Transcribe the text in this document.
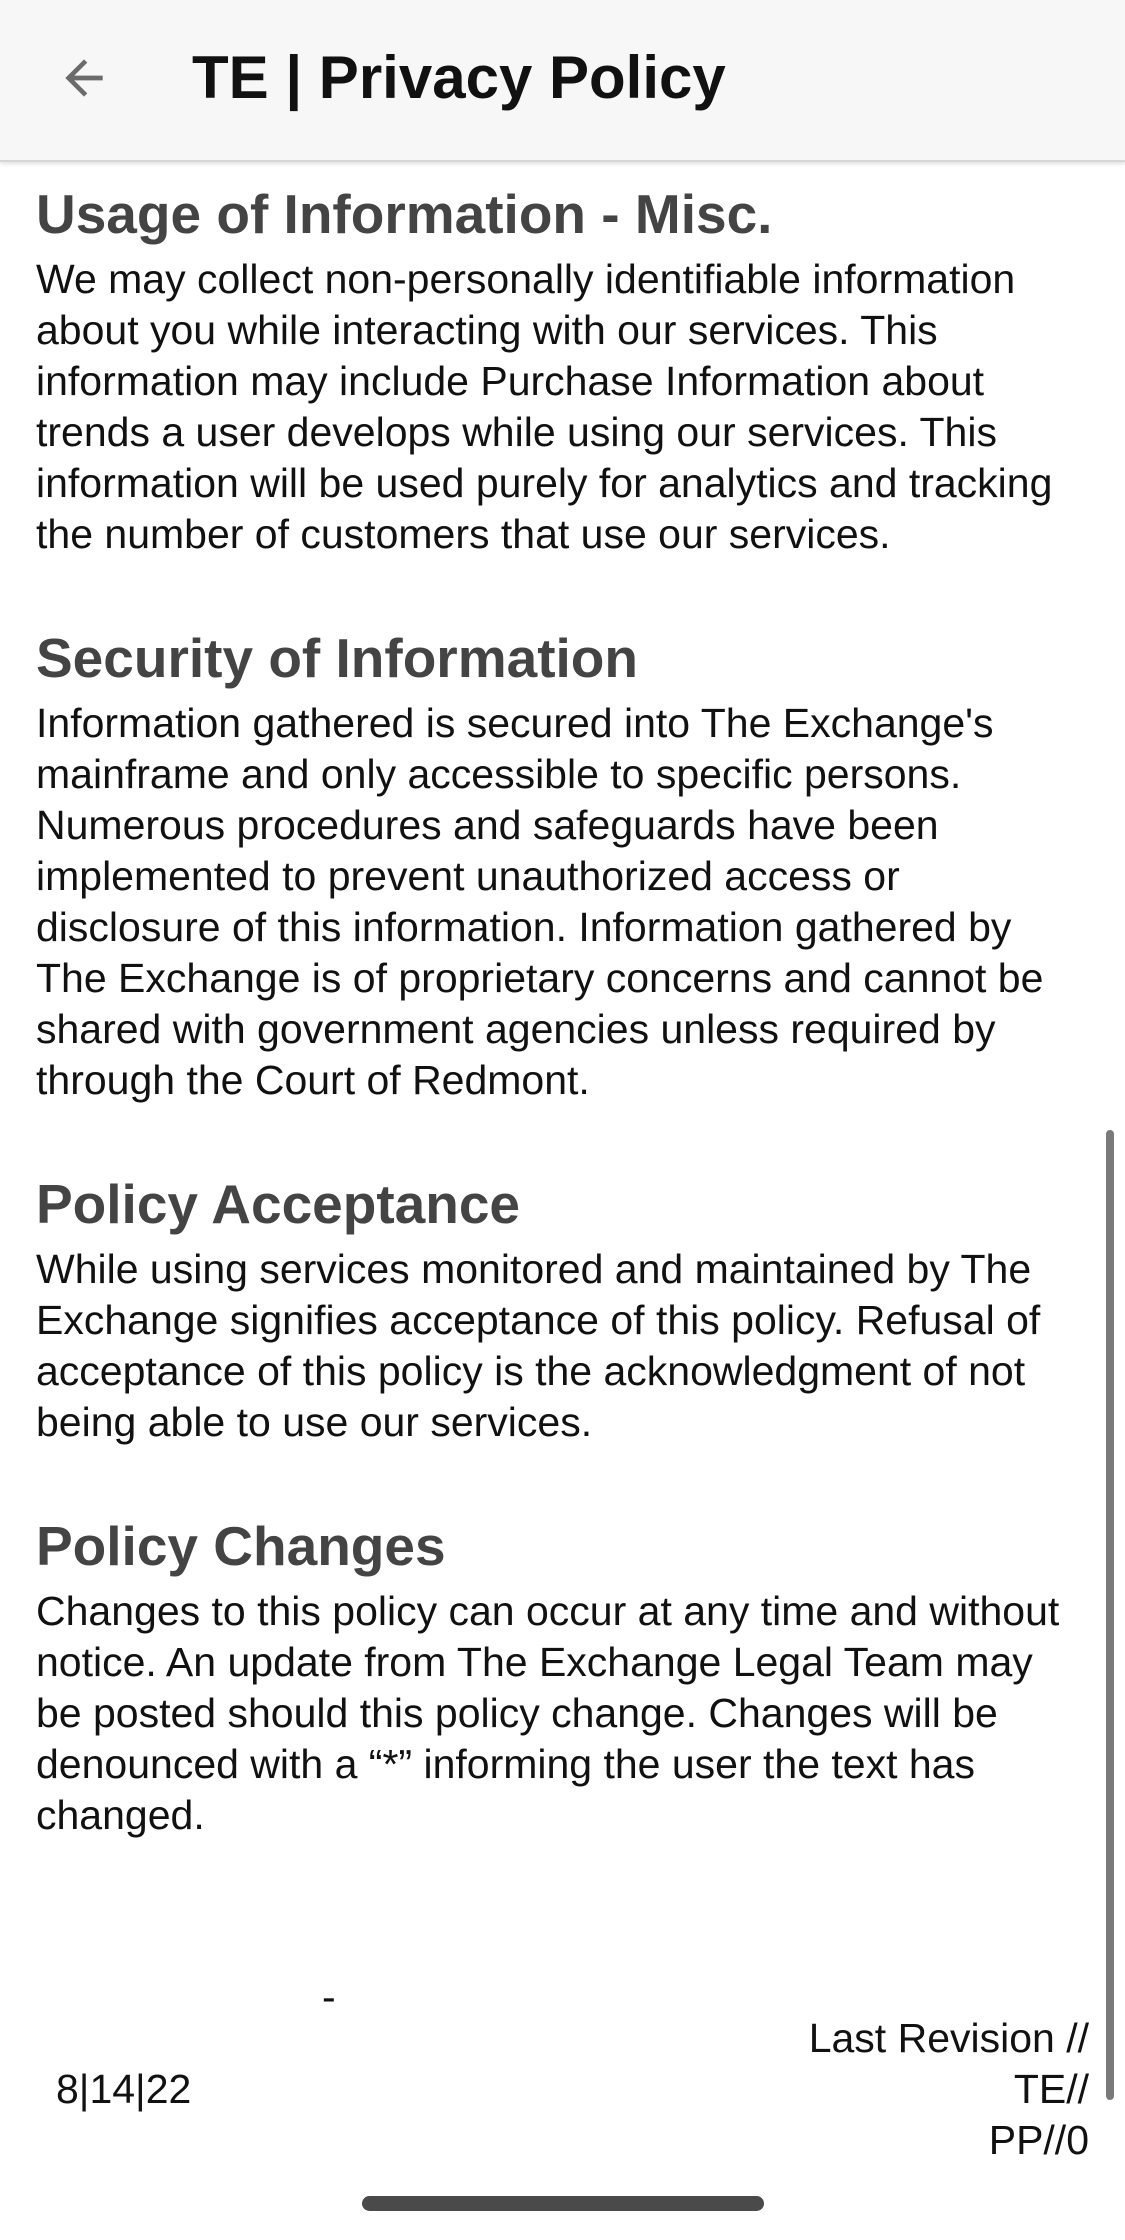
TE | Privacy Policy
Usage of Information - Misc.

We may collect non-personally identifiable information about you while interacting with our services. This information may include Purchase Information about trends a user develops while using our services. This information will be used purely for analytics and tracking the number of customers that use our services.

Security of Information

Information gathered is secured into The Exchange's mainframe and only accessible to specific persons. Numerous procedures and safeguards have been implemented to prevent unauthorized access or disclosure of this information. Information gathered by The Exchange is of proprietary concerns and cannot be shared with government agencies unless required by through the Court of Redmont.

Policy Acceptance

While using services monitored and maintained by The Exchange signifies acceptance of this policy. Refusal of acceptance of this policy is the acknowledgment of not being able to use our services.

Policy Changes

Changes to this policy can occur at any time and without notice. An update from The Exchange Legal Team may be posted should this policy change. Changes will be denounced with a “*” informing the user the text has changed.

-
8|14|22
Last Revision //
TE//
PP//0
